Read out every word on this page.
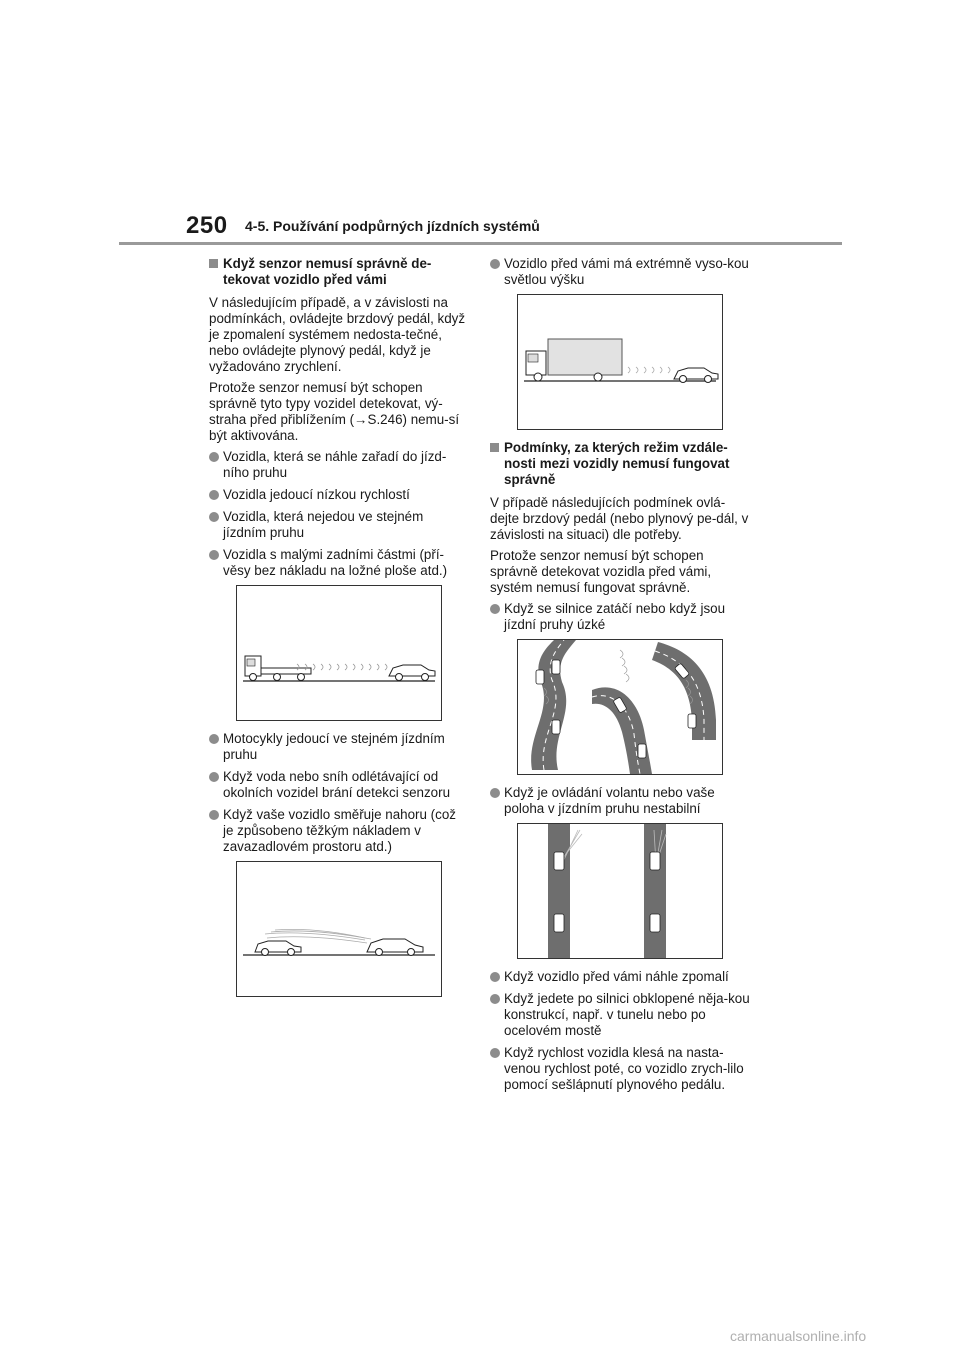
250 4-5. Používání podpůrných jízdních systémů
Když senzor nemusí správně de-
tekovat vozidlo před vámi

V následujícím případě, a v závislosti na podmínkách, ovládejte brzdový pedál, když je zpomalení systémem nedosta-tečné, nebo ovládejte plynový pedál, když je vyžadováno zrychlení.

Protože senzor nemusí být schopen správně tyto typy vozidel detekovat, vý-straha před přiblížením (→S.246) nemu-sí být aktivována.

Vozidla, která se náhle zařadí do jízd-ního pruhu
Vozidla jedoucí nízkou rychlostí
Vozidla, která nejedou ve stejném jízdním pruhu
Vozidla s malými zadními částmi (pří-věsy bez nákladu na ložné ploše atd.)
Motocykly jedoucí ve stejném jízdním pruhu
Když voda nebo sníh odlétávající od okolních vozidel brání detekci senzoru
Když vaše vozidlo směřuje nahoru (což je způsobeno těžkým nákladem v zavazadlovém prostoru atd.)
Vozidlo před vámi má extrémně vyso-kou světlou výšku
Podmínky, za kterých režim vzdále-nosti mezi vozidly nemusí fungovat správně

V případě následujících podmínek ovlá-dejte brzdový pedál (nebo plynový pe-dál, v závislosti na situaci) dle potřeby.

Protože senzor nemusí být schopen správně detekovat vozidla před vámi, systém nemusí fungovat správně.

Když se silnice zatáčí nebo když jsou jízdní pruhy úzké
Když je ovládání volantu nebo vaše poloha v jízdním pruhu nestabilní
Když vozidlo před vámi náhle zpomalí
Když jedete po silnici obklopené něja-kou konstrukcí, např. v tunelu nebo po ocelovém mostě
Když rychlost vozidla klesá na nasta-venou rychlost poté, co vozidlo zrych-lilo pomocí sešlápnutí plynového pedálu.
carmanualsonline.info
